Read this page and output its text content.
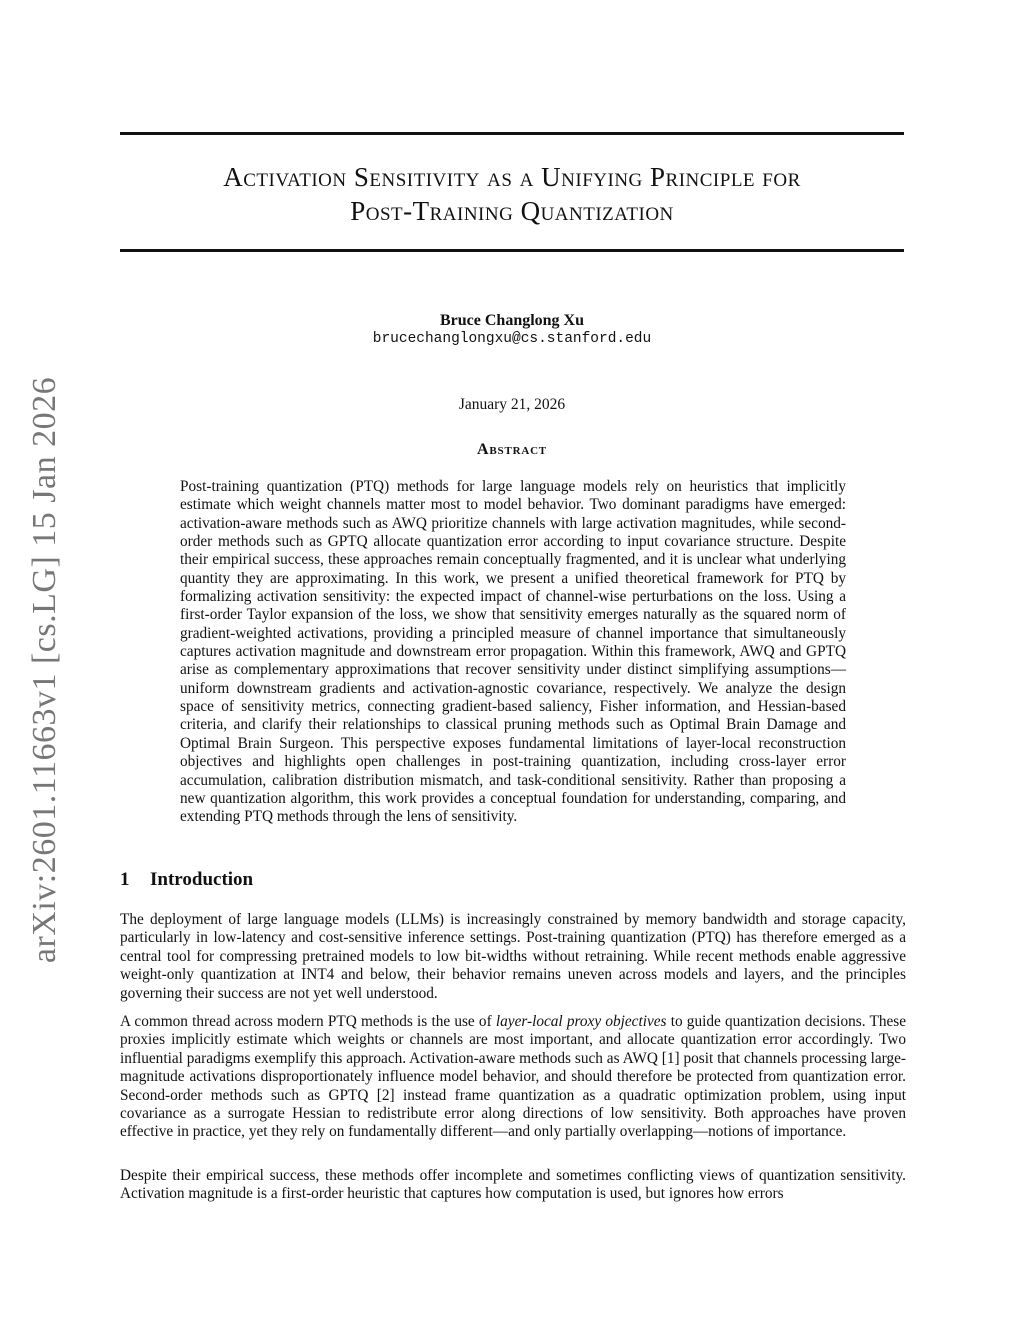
arXiv:2601.11663v1 [cs.LG] 15 Jan 2026
Activation Sensitivity as a Unifying Principle for
Post-Training Quantization
Bruce Changlong Xu
brucechanglongxu@cs.stanford.edu
January 21, 2026
Abstract
Post-training quantization (PTQ) methods for large language models rely on heuristics that implicitly estimate which weight channels matter most to model behavior. Two dominant paradigms have emerged: activation-aware methods such as AWQ prioritize channels with large activation magnitudes, while second-order methods such as GPTQ allocate quantization error according to input covariance structure. Despite their empirical success, these approaches remain conceptually fragmented, and it is unclear what underlying quantity they are approximating. In this work, we present a unified theoretical framework for PTQ by formalizing activation sensitivity: the expected impact of channel-wise perturbations on the loss. Using a first-order Taylor expansion of the loss, we show that sensitivity emerges naturally as the squared norm of gradient-weighted activations, providing a principled measure of channel importance that simultaneously captures activation magnitude and downstream error propagation. Within this framework, AWQ and GPTQ arise as complementary approximations that recover sensitivity under distinct simplifying assumptions—uniform downstream gradients and activation-agnostic covariance, respectively. We analyze the design space of sensitivity metrics, connecting gradient-based saliency, Fisher information, and Hessian-based criteria, and clarify their relationships to classical pruning methods such as Optimal Brain Damage and Optimal Brain Surgeon. This perspective exposes fundamental limitations of layer-local reconstruction objectives and highlights open challenges in post-training quantization, including cross-layer error accumulation, calibration distribution mismatch, and task-conditional sensitivity. Rather than proposing a new quantization algorithm, this work provides a conceptual foundation for understanding, comparing, and extending PTQ methods through the lens of sensitivity.
1 Introduction

The deployment of large language models (LLMs) is increasingly constrained by memory bandwidth and storage capacity, particularly in low-latency and cost-sensitive inference settings. Post-training quantization (PTQ) has therefore emerged as a central tool for compressing pretrained models to low bit-widths without retraining. While recent methods enable aggressive weight-only quantization at INT4 and below, their behavior remains uneven across models and layers, and the principles governing their success are not yet well understood.

A common thread across modern PTQ methods is the use of layer-local proxy objectives to guide quantization decisions. These proxies implicitly estimate which weights or channels are most important, and allocate quantization error accordingly. Two influential paradigms exemplify this approach. Activation-aware methods such as AWQ [1] posit that channels processing large-magnitude activations disproportionately influence model behavior, and should therefore be protected from quantization error. Second-order methods such as GPTQ [2] instead frame quantization as a quadratic optimization problem, using input covariance as a surrogate Hessian to redistribute error along directions of low sensitivity. Both approaches have proven effective in practice, yet they rely on fundamentally different—and only partially overlapping—notions of importance.

Despite their empirical success, these methods offer incomplete and sometimes conflicting views of quantization sensitivity. Activation magnitude is a first-order heuristic that captures how computation is used, but ignores how errors
